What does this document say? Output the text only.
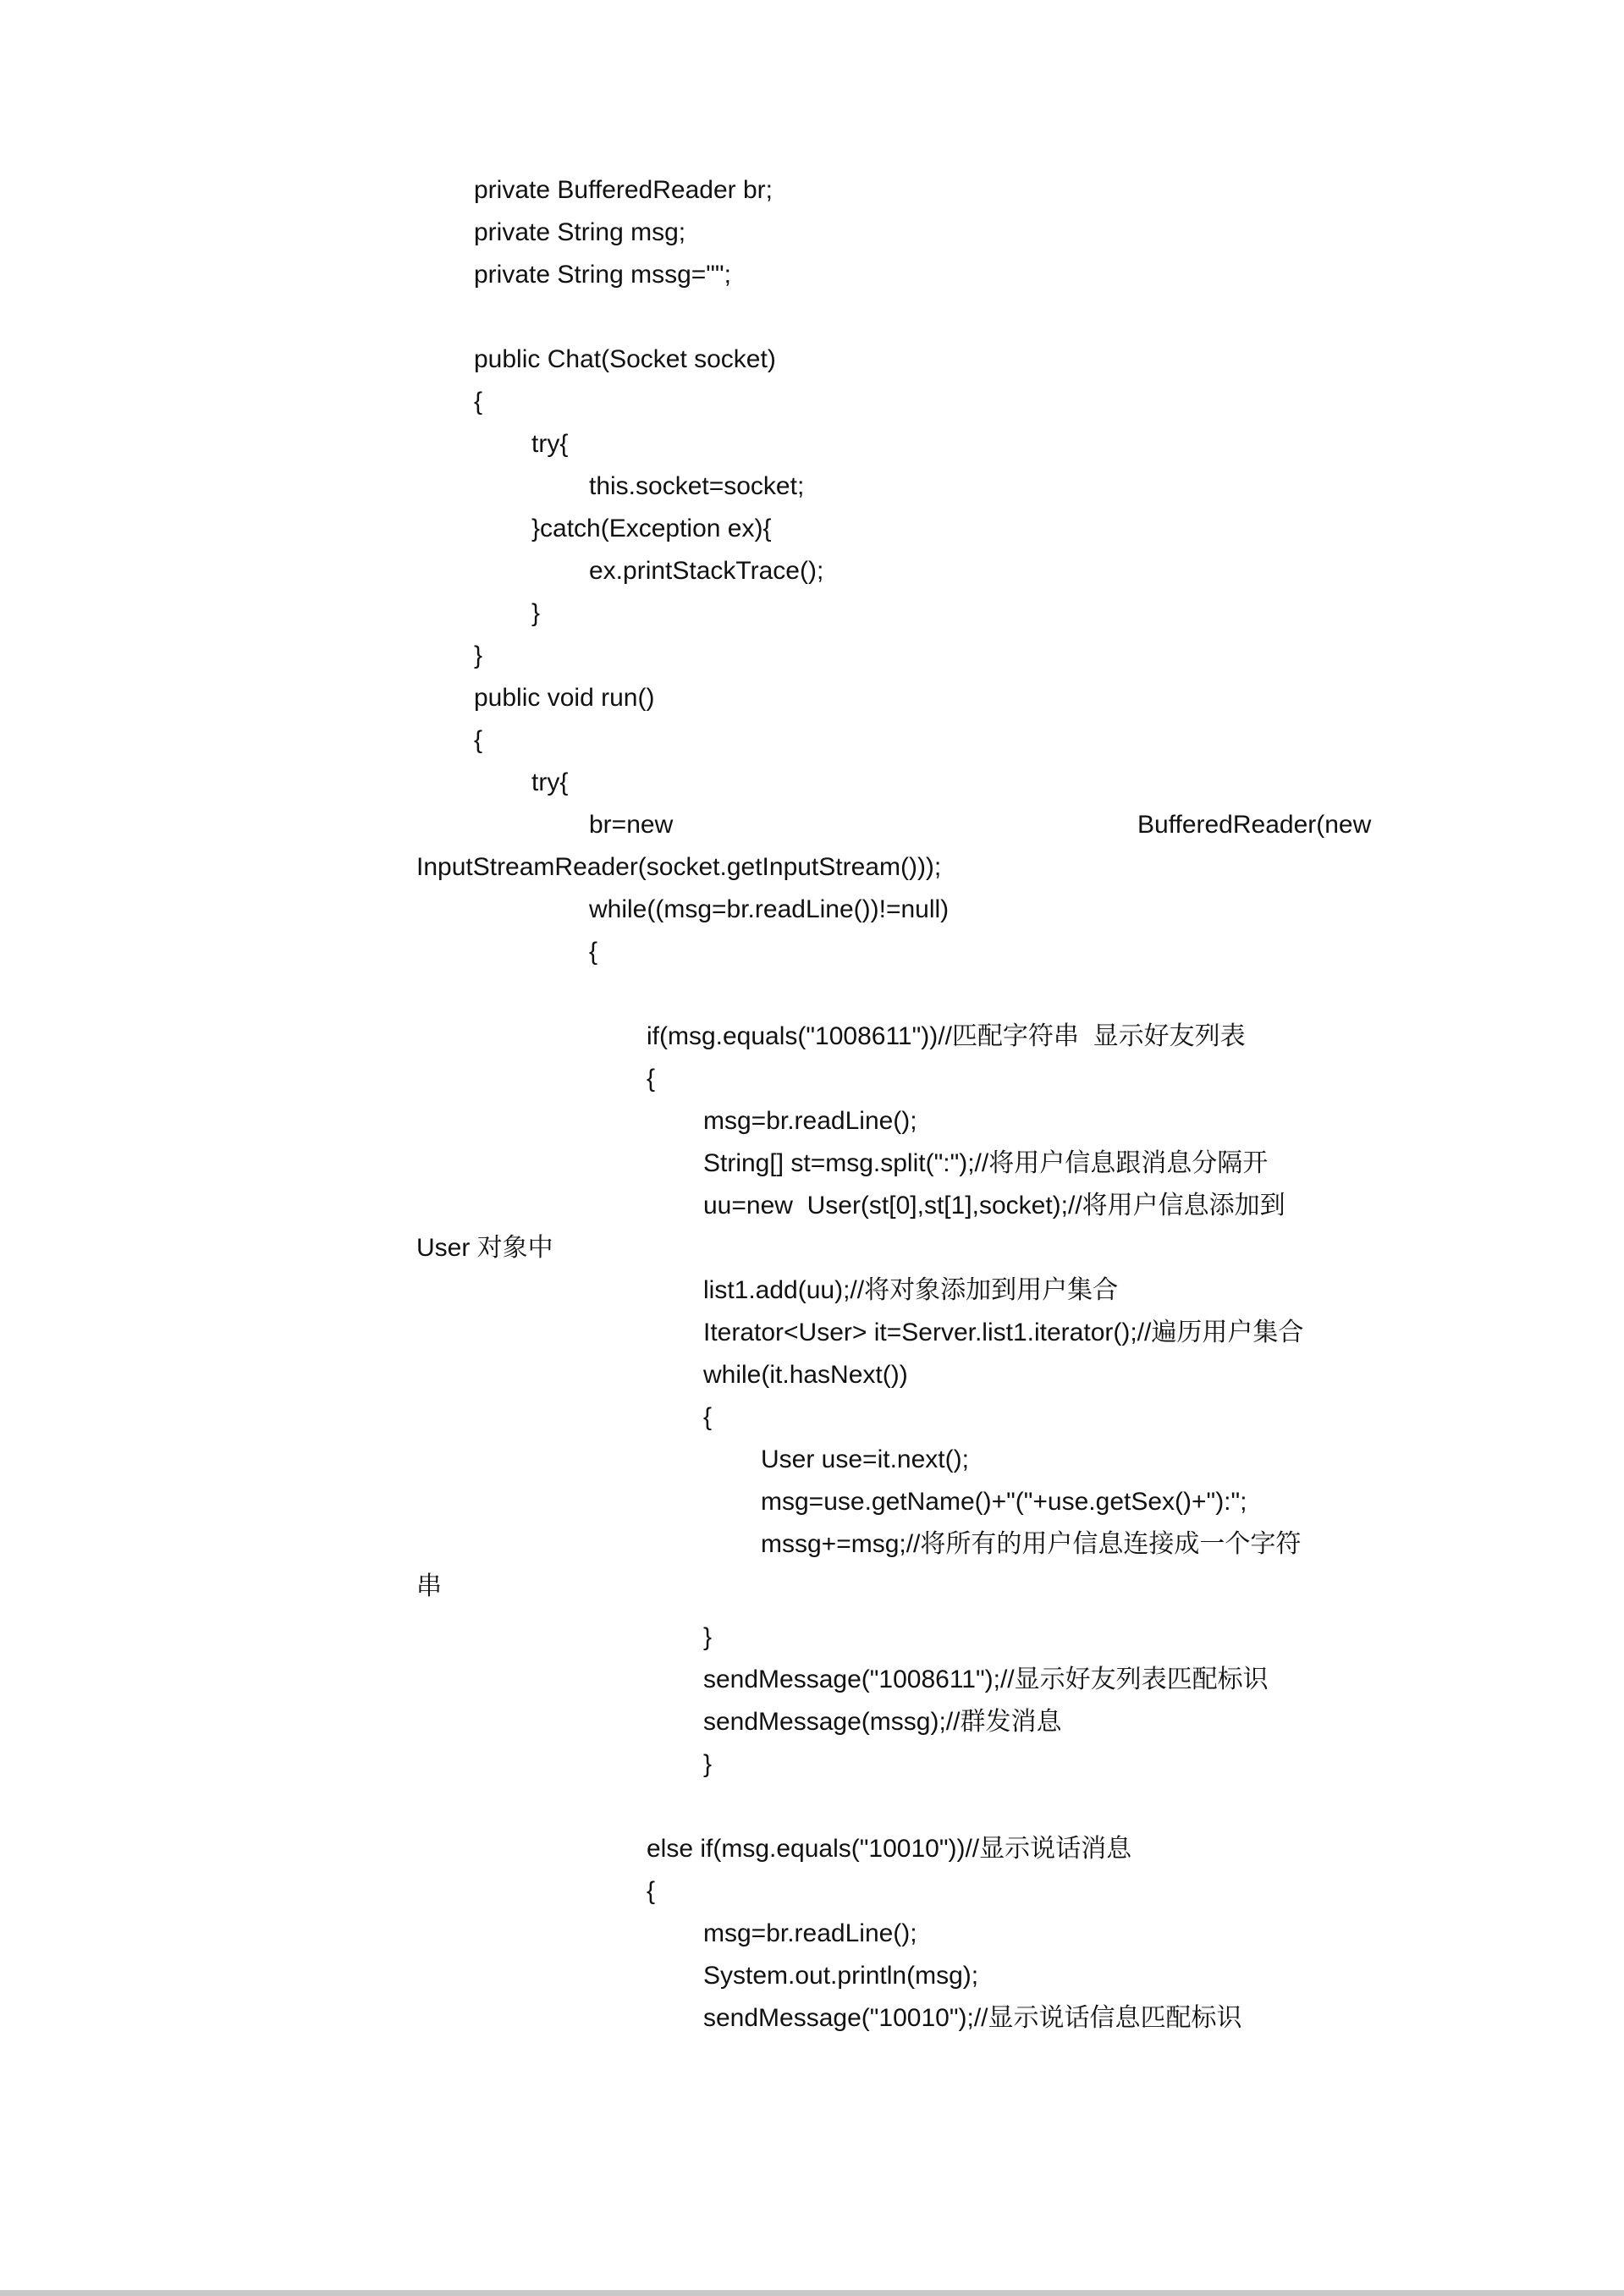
private BufferedReader br;
private String msg;
private String mssg="";
public Chat(Socket socket)
{
try{
this.socket=socket;
}catch(Exception ex){
ex.printStackTrace();
}
}
public void run()
{
try{
br=new	BufferedReader(new
InputStreamReader(socket.getInputStream()));
while((msg=br.readLine())!=null)
{
if(msg.equals("1008611"))//匹配字符串  显示好友列表
{
msg=br.readLine();
String[] st=msg.split(":");//将用户信息跟消息分隔开
uu=new  User(st[0],st[1],socket);//将用户信息添加到
User 对象中
list1.add(uu);//将对象添加到用户集合
Iterator<User> it=Server.list1.iterator();//遍历用户集合
while(it.hasNext())
{
User use=it.next();
msg=use.getName()+"("+use.getSex()+"):";
mssg+=msg;//将所有的用户信息连接成一个字符
串
}
sendMessage("1008611");//显示好友列表匹配标识
sendMessage(mssg);//群发消息
}
else if(msg.equals("10010"))//显示说话消息
{
msg=br.readLine();
System.out.println(msg);
sendMessage("10010");//显示说话信息匹配标识
